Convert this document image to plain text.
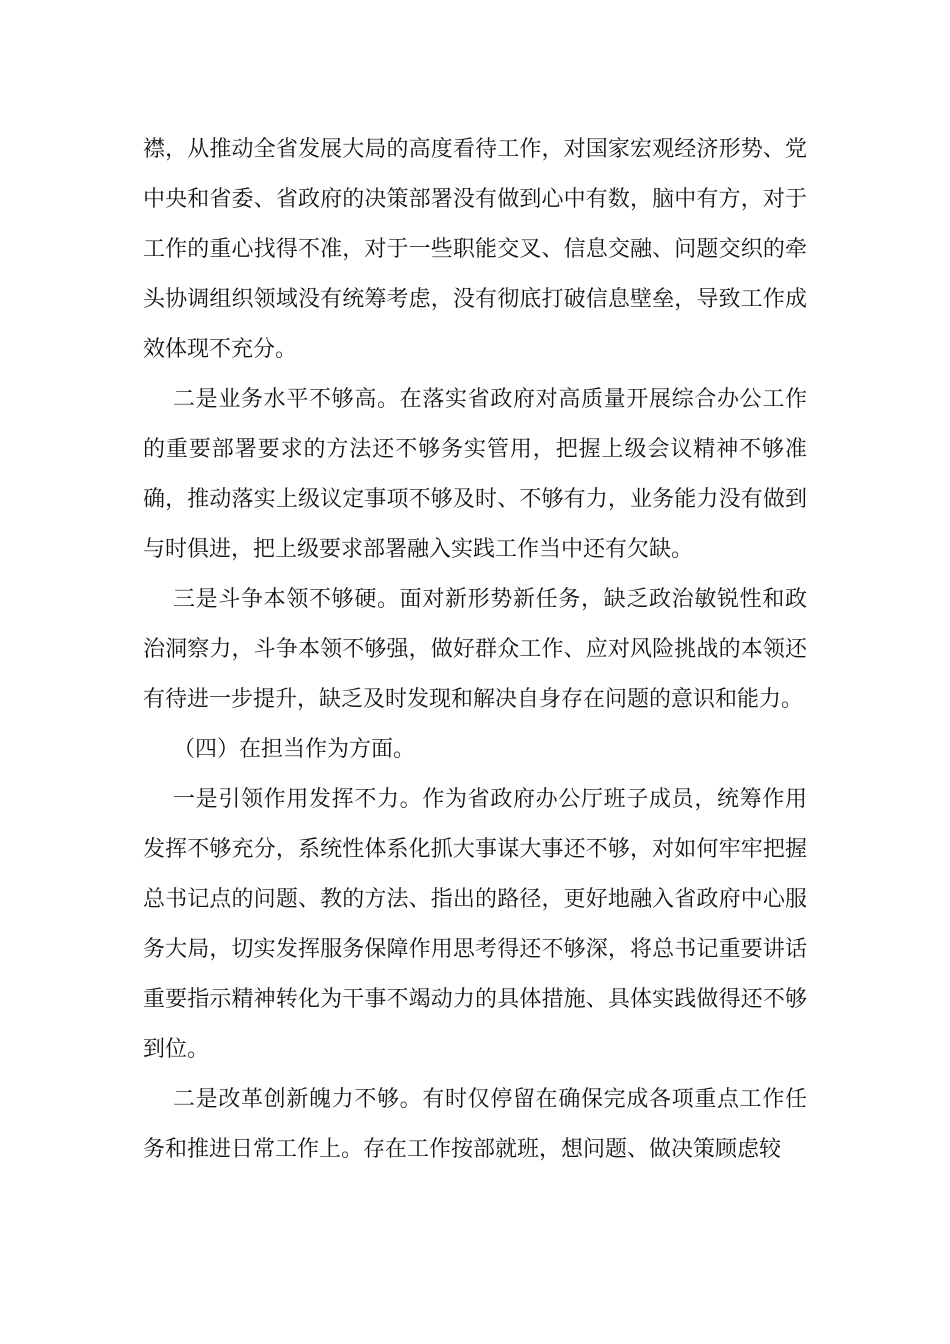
襟，从推动全省发展大局的高度看待工作，对国家宏观经济形势、党中央和省委、省政府的决策部署没有做到心中有数，脑中有方，对于工作的重心找得不准，对于一些职能交叉、信息交融、问题交织的牵头协调组织领域没有统筹考虑，没有彻底打破信息壁垒，导致工作成效体现不充分。

二是业务水平不够高。在落实省政府对高质量开展综合办公工作的重要部署要求的方法还不够务实管用，把握上级会议精神不够准确，推动落实上级议定事项不够及时、不够有力，业务能力没有做到与时俱进，把上级要求部署融入实践工作当中还有欠缺。

三是斗争本领不够硬。面对新形势新任务，缺乏政治敏锐性和政治洞察力，斗争本领不够强，做好群众工作、应对风险挑战的本领还有待进一步提升，缺乏及时发现和解决自身存在问题的意识和能力。

（四）在担当作为方面。

一是引领作用发挥不力。作为省政府办公厅班子成员，统筹作用发挥不够充分，系统性体系化抓大事谋大事还不够，对如何牢牢把握总书记点的问题、教的方法、指出的路径，更好地融入省政府中心服务大局，切实发挥服务保障作用思考得还不够深，将总书记重要讲话重要指示精神转化为干事不竭动力的具体措施、具体实践做得还不够到位。

二是改革创新魄力不够。有时仅停留在确保完成各项重点工作任务和推进日常工作上。存在工作按部就班，想问题、做决策顾虑较
